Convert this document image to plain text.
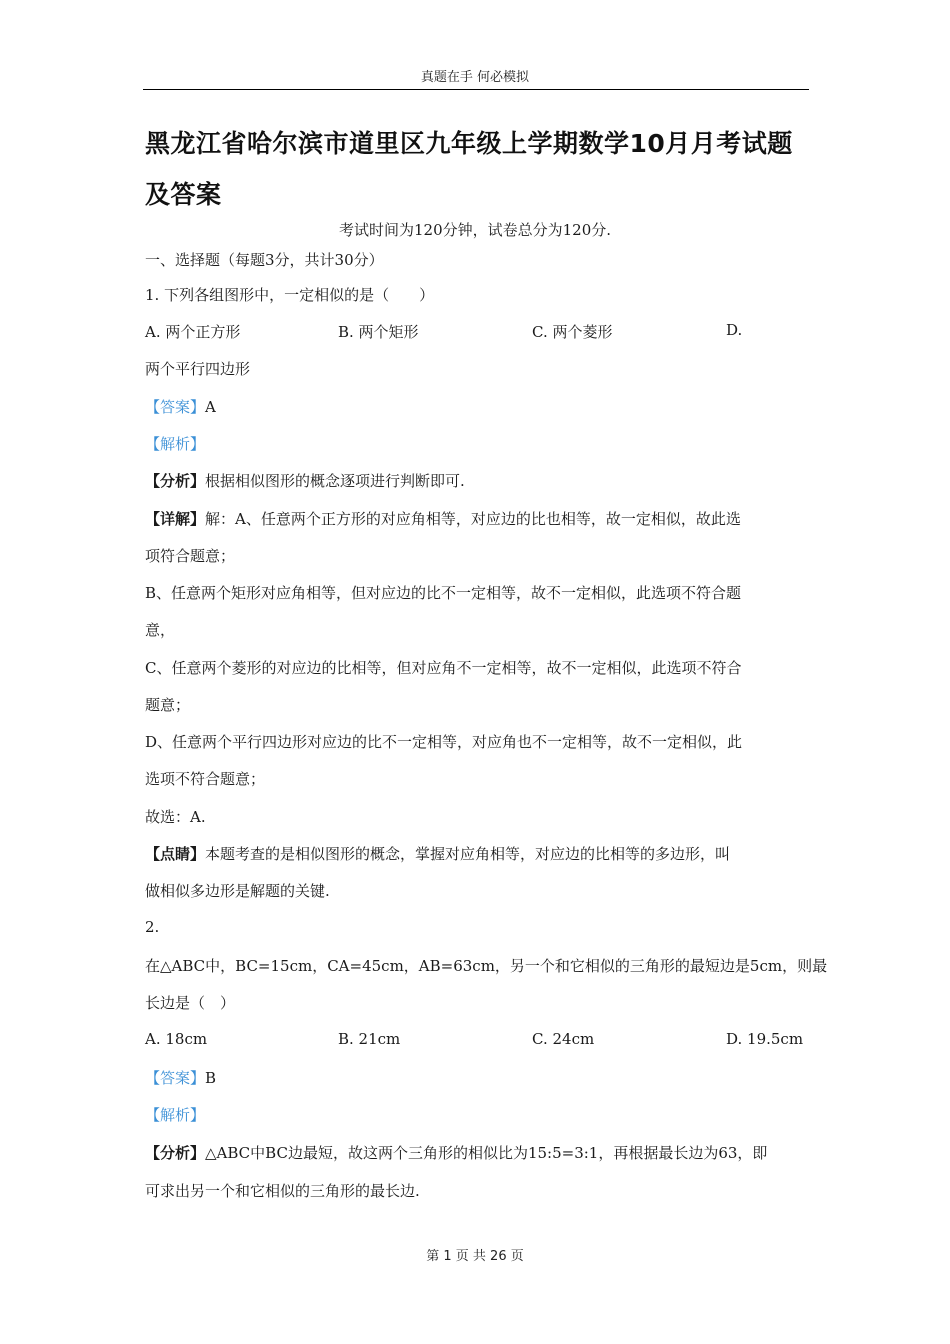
真题在手 何必模拟
黑龙江省哈尔滨市道里区九年级上学期数学10月月考试题
及答案
考试时间为120分钟，试卷总分为120分.
一、选择题（每题3分，共计30分）
1. 下列各组图形中，一定相似的是（　　）
A. 两个正方形	B. 两个矩形	C. 两个菱形	D.
两个平行四边形
【答案】A
【解析】
【分析】根据相似图形的概念逐项进行判断即可.
【详解】解：A、任意两个正方形的对应角相等，对应边的比也相等，故一定相似，故此选
项符合题意；
B、任意两个矩形对应角相等，但对应边的比不一定相等，故不一定相似，此选项不符合题
意，
C、任意两个菱形的对应边的比相等，但对应角不一定相等，故不一定相似，此选项不符合
题意；
D、任意两个平行四边形对应边的比不一定相等，对应角也不一定相等，故不一定相似，此
选项不符合题意；
故选：A.
【点睛】本题考查的是相似图形的概念，掌握对应角相等，对应边的比相等的多边形，叫
做相似多边形是解题的关键.
2.
在△ABC中，BC=15cm，CA=45cm，AB=63cm，另一个和它相似的三角形的最短边是5cm，则最
长边是（　）
A. 18cm	B. 21cm	C. 24cm	D. 19.5cm
【答案】B
【解析】
【分析】△ABC中BC边最短，故这两个三角形的相似比为15:5=3:1，再根据最长边为63，即
可求出另一个和它相似的三角形的最长边.
第 1 页 共 26 页
